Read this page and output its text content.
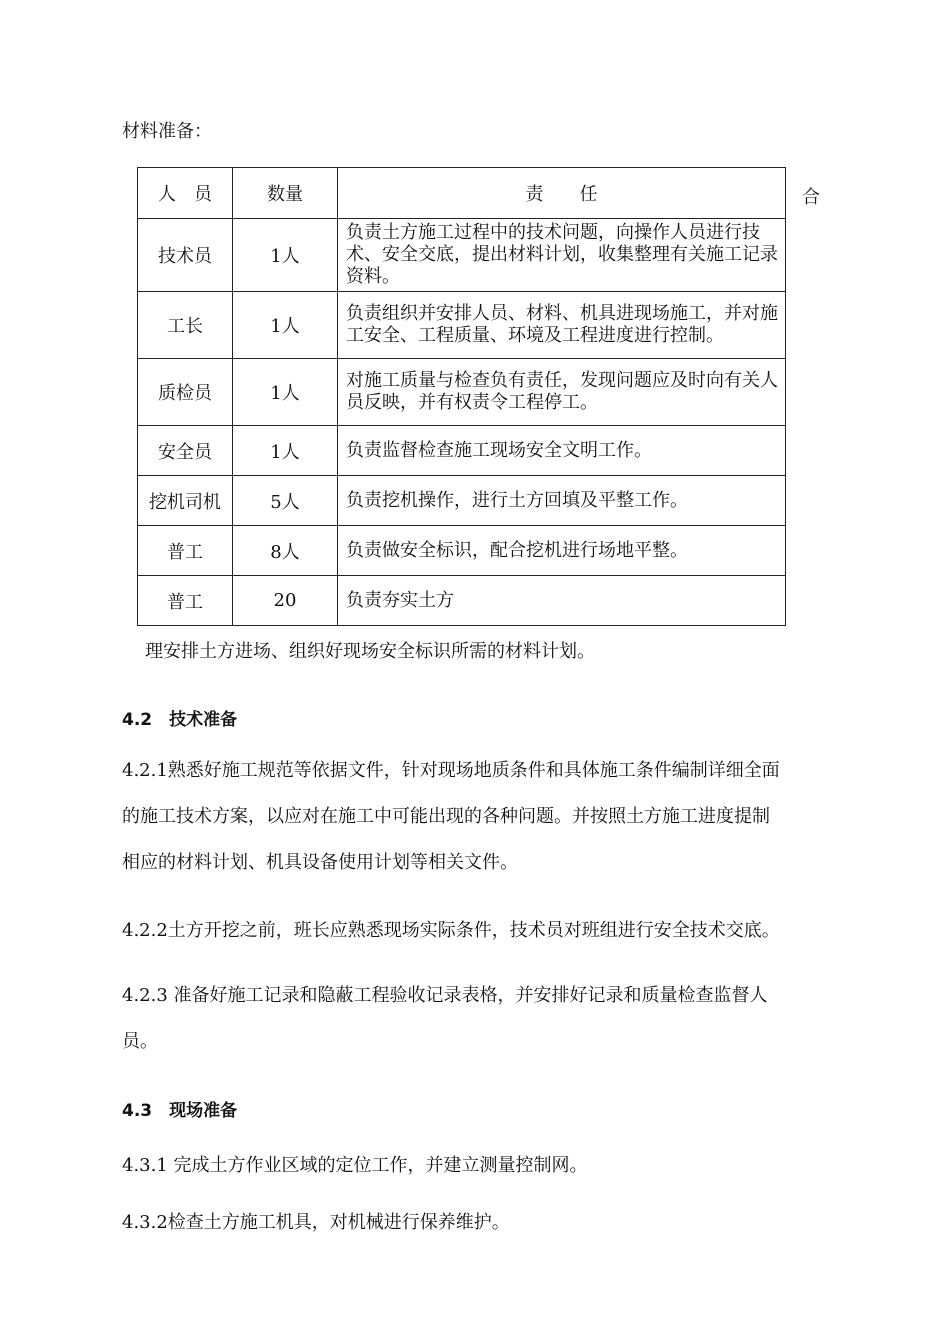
材料准备：
人　员	数量	责 任
技术员	1人	负责土方施工过程中的技术问题，向操作人员进行技术、安全交底，提出材料计划，收集整理有关施工记录资料。
工长	1人	负责组织并安排人员、材料、机具进现场施工，并对施工安全、工程质量、环境及工程进度进行控制。
质检员	1人	对施工质量与检查负有责任，发现问题应及时向有关人员反映，并有权责令工程停工。
安全员	1人	负责监督检查施工现场安全文明工作。
挖机司机	5人	负责挖机操作，进行土方回填及平整工作。
普工	8人	负责做安全标识，配合挖机进行场地平整。
普工	20	负责夯实土方
合
理安排土方进场、组织好现场安全标识所需的材料计划。
4.2　技术准备
4.2.1熟悉好施工规范等依据文件，针对现场地质条件和具体施工条件编制详细全面
的施工技术方案，以应对在施工中可能出现的各种问题。并按照土方施工进度提制
相应的材料计划、机具设备使用计划等相关文件。
4.2.2土方开挖之前，班长应熟悉现场实际条件，技术员对班组进行安全技术交底。
4.2.3 准备好施工记录和隐蔽工程验收记录表格，并安排好记录和质量检查监督人
员。
4.3　现场准备
4.3.1 完成土方作业区域的定位工作，并建立测量控制网。
4.3.2检查土方施工机具，对机械进行保养维护。
